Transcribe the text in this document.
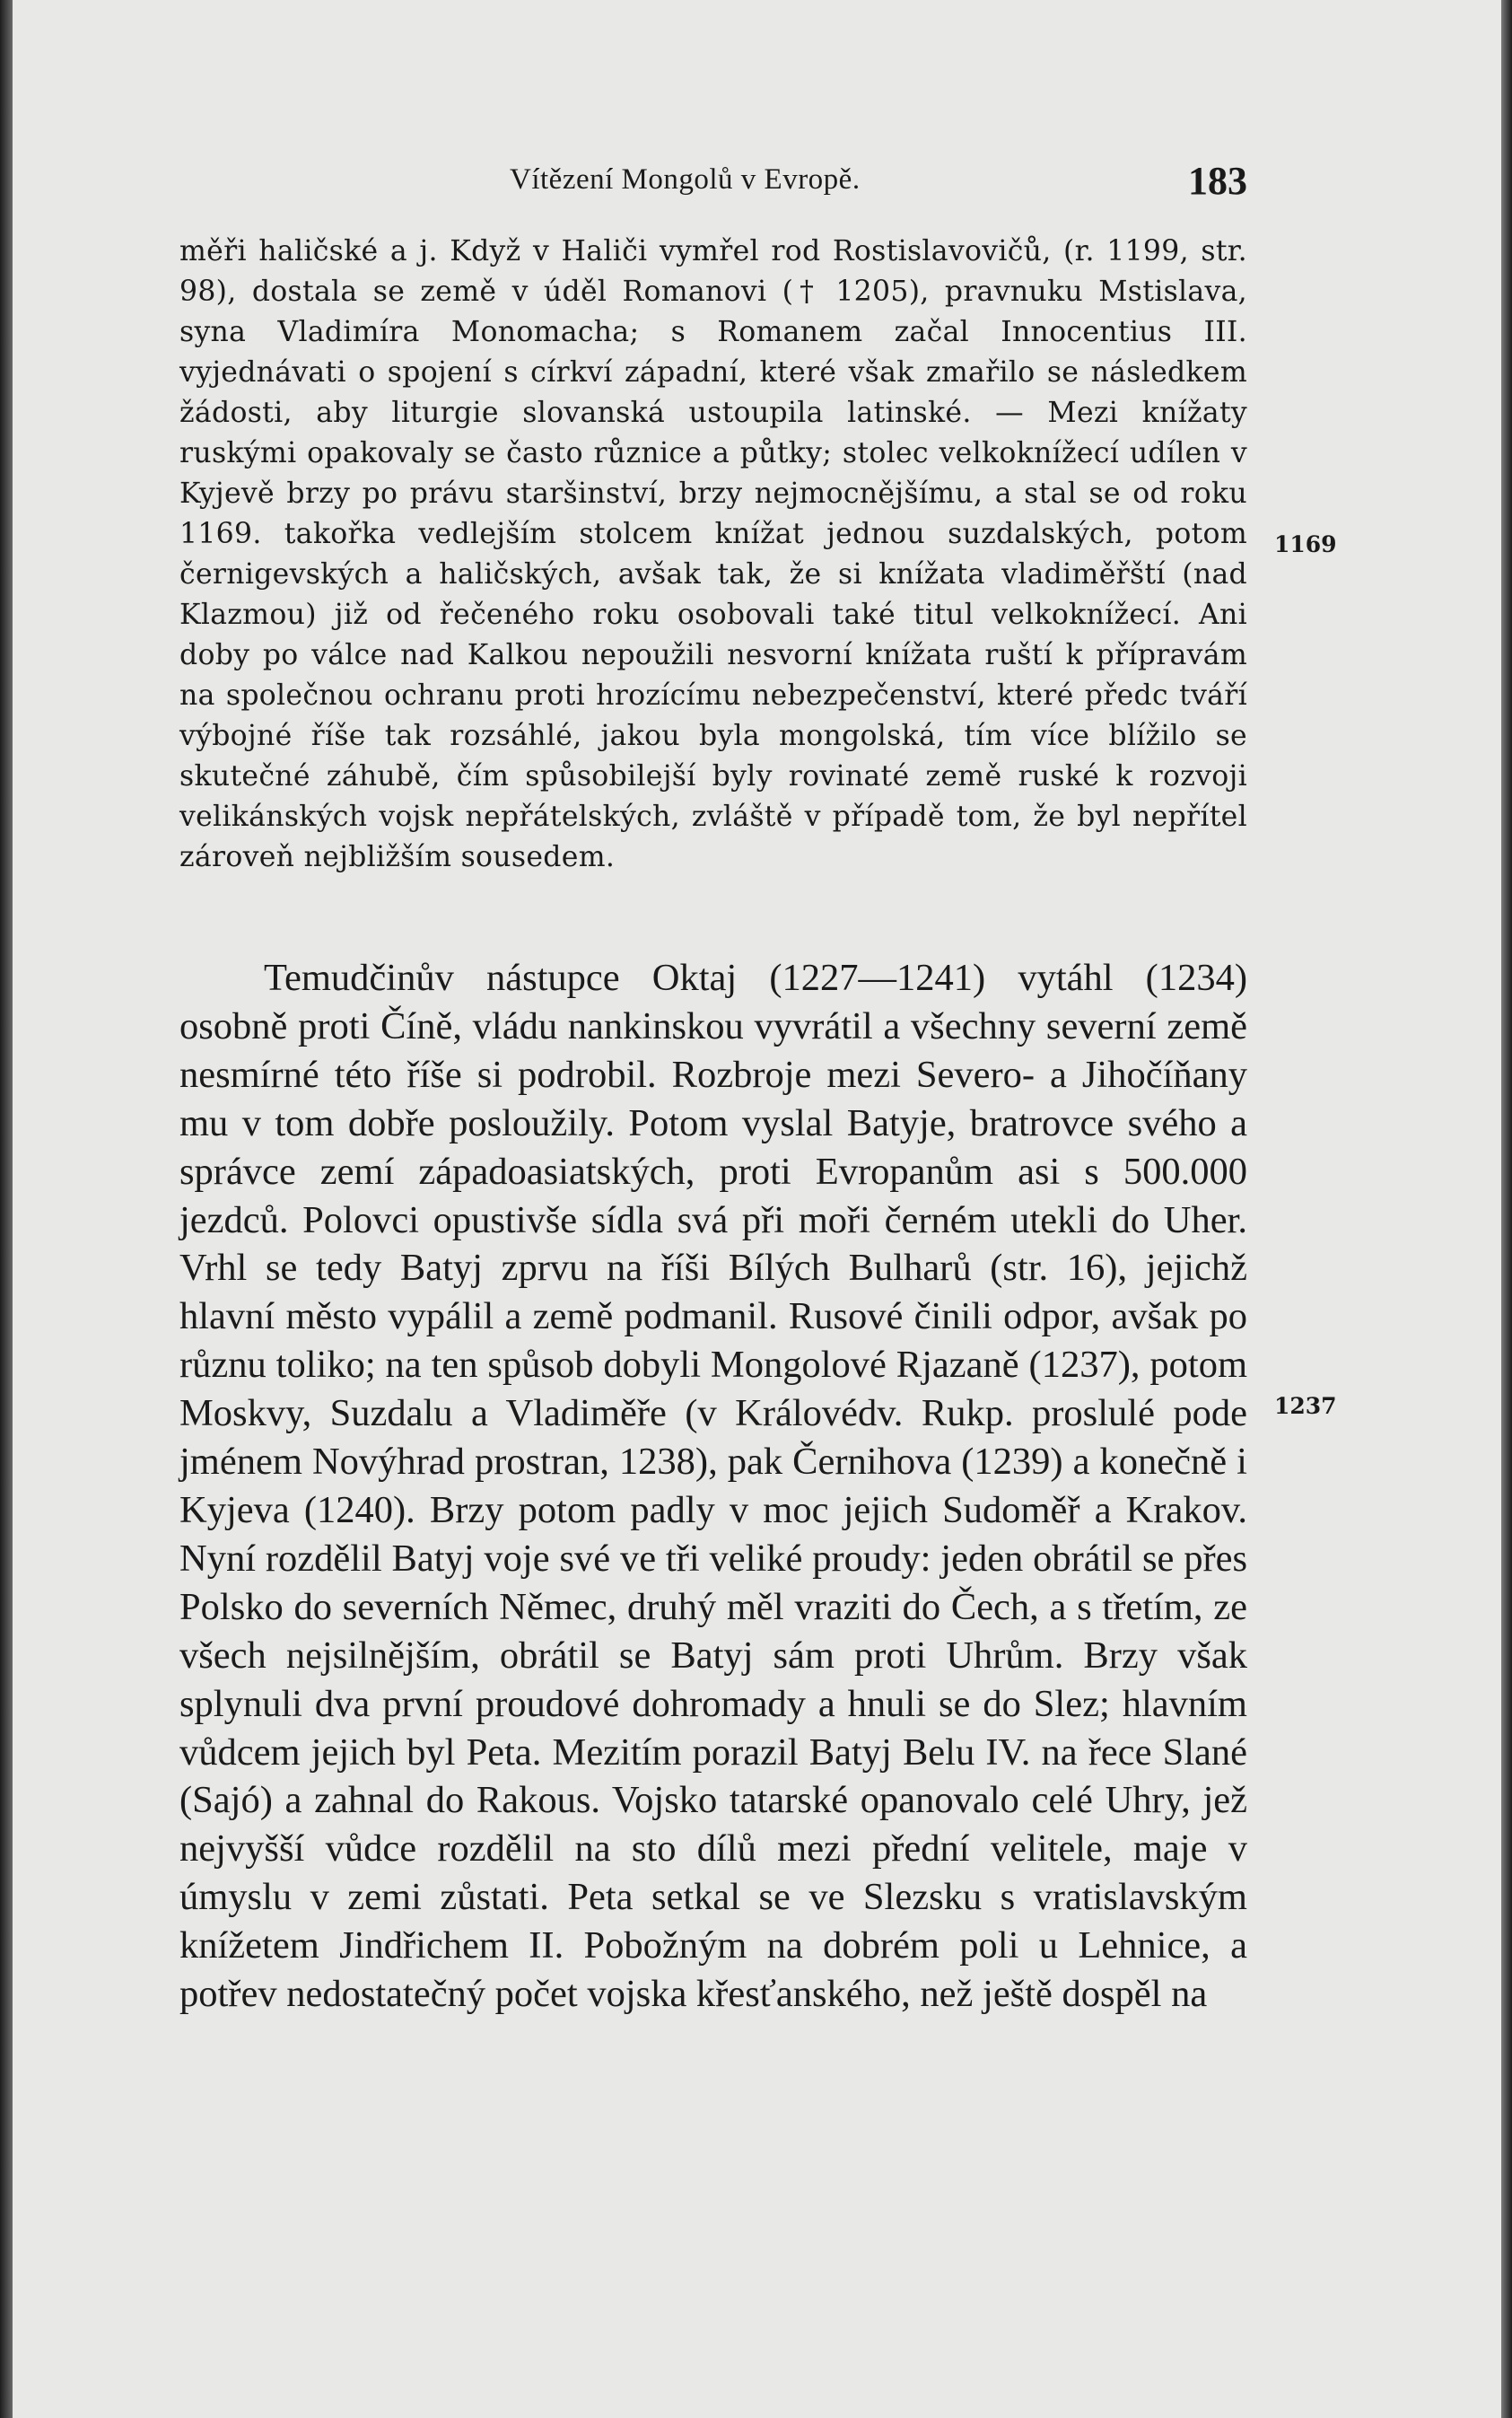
Vítězení Mongolů v Evropě.	183

měři haličské a j. Když v Haliči vymřel rod Rostislavovičů, (r. 1199, str. 98), dostala se země v úděl Romanovi († 1205), pravnuku Mstislava, syna Vladimíra Monomacha; s Romanem začal Innocentius III. vyjednávati o spojení s církví západní, které však zmařilo se následkem žádosti, aby liturgie slovanská ustoupila latinské. — Mezi knížaty ruskými opakovaly se často různice a půtky; stolec velkoknížecí udílen v Kyjevě brzy po právu staršinství, brzy nejmocnějšímu, a stal se od roku 1169. takořka vedlejším stolcem knížat jednou suzdalských, potom černigevských a haličských, avšak tak, že si knížata vladiměřští (nad Klazmou) již od řečeného roku osobovali také titul velkoknížecí. Ani doby po válce nad Kalkou nepoužili nesvorní knížata ruští k přípravám na společnou ochranu proti hrozícímu nebezpečenství, které předc tváří výbojné říše tak rozsáhlé, jakou byla mongolská, tím více blížilo se skutečné záhubě, čím spůsobilejší byly rovinaté země ruské k rozvoji velikánských vojsk nepřátelských, zvláště v případě tom, že byl nepřítel zároveň nejbližším sousedem.

1169

Temudčinův nástupce Oktaj (1227—1241) vytáhl (1234) osobně proti Číně, vládu nankinskou vyvrátil a všechny severní země nesmírné této říše si podrobil. Rozbroje mezi Severo- a Jihočíňany mu v tom dobře posloužily. Potom vyslal Batyje, bratrovce svého a správce zemí západoasiatských, proti Evropanům asi s 500.000 jezdců. Polovci opustivše sídla svá při moři černém utekli do Uher. Vrhl se tedy Batyj zprvu na říši Bílých Bulharů (str. 16), jejichž hlavní město vypálil a země podmanil. Rusové činili odpor, avšak po různu toliko; na ten spůsob dobyli Mongolové Rjazaně (1237), potom Moskvy, Suzdalu a Vladiměře (v Královédv. Rukp. proslulé pode jménem Novýhrad prostran, 1238), pak Černihova (1239) a konečně i Kyjeva (1240). Brzy potom padly v moc jejich Sudoměř a Krakov. Nyní rozdělil Batyj voje své ve tři veliké proudy: jeden obrátil se přes Polsko do severních Němec, druhý měl vraziti do Čech, a s třetím, ze všech nejsilnějším, obrátil se Batyj sám proti Uhrům. Brzy však splynuli dva první proudové dohromady a hnuli se do Slez; hlavním vůdcem jejich byl Peta. Mezitím porazil Batyj Belu IV. na řece Slané (Sajó) a zahnal do Rakous. Vojsko tatarské opanovalo celé Uhry, jež nejvyšší vůdce rozdělil na sto dílů mezi přední velitele, maje v úmyslu v zemi zůstati. Peta setkal se ve Slezsku s vratislavským knížetem Jindřichem II. Pobožným na dobrém poli u Lehnice, a potřev nedostatečný počet vojska křesťanského, než ještě dospěl na

1237
